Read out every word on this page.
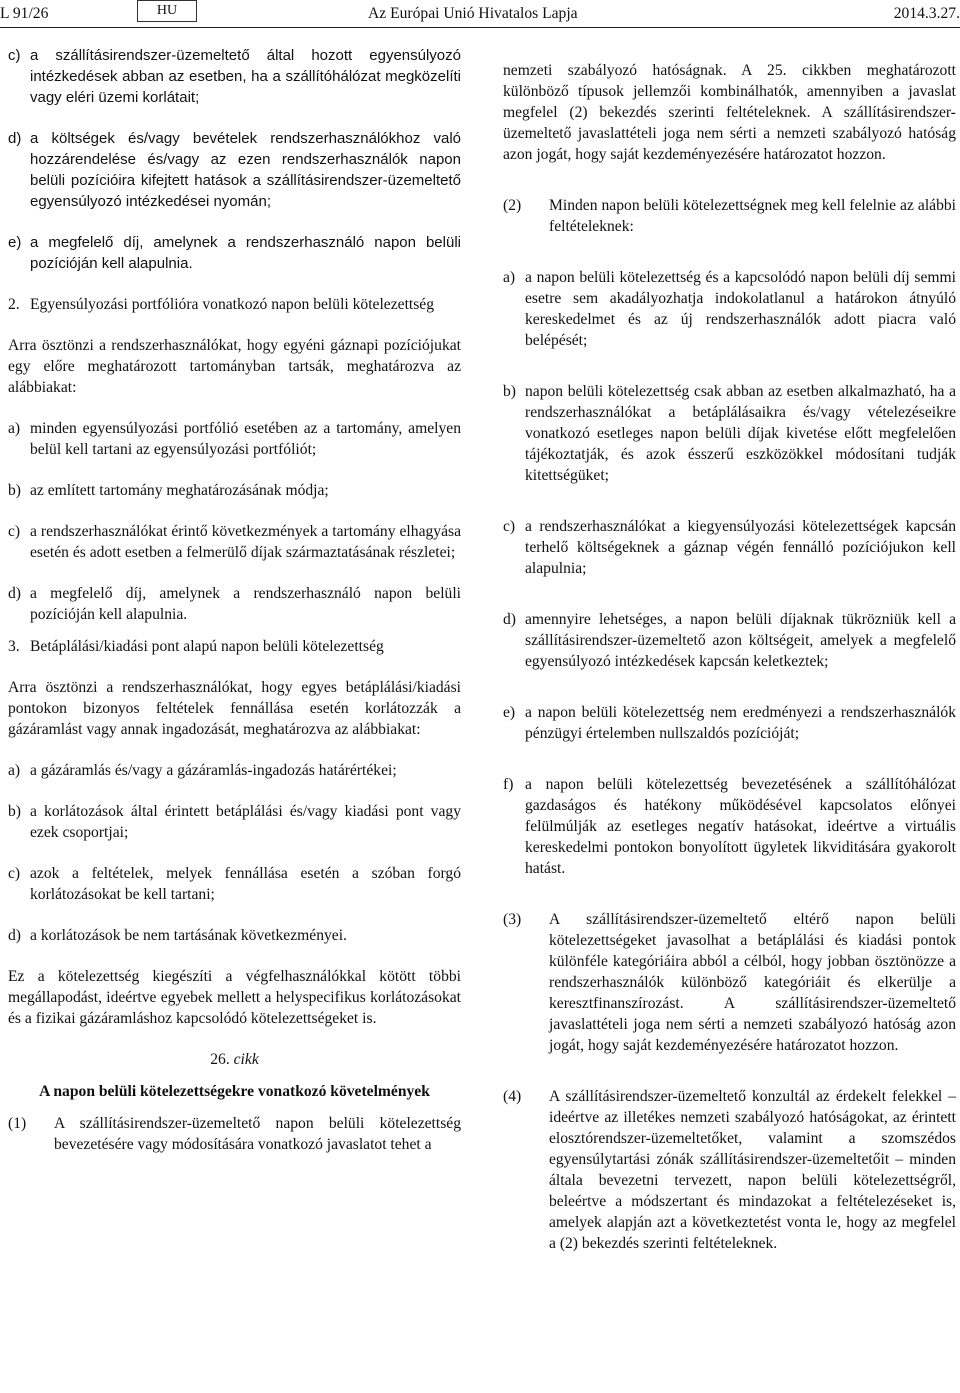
L 91/26	HU	Az Európai Unió Hivatalos Lapja	2014.3.27.
c) a szállításirendszer-üzemeltető által hozott egyensúlyozó intézkedések abban az esetben, ha a szállítóhálózat megközelíti vagy eléri üzemi korlátait;
d) a költségek és/vagy bevételek rendszerhasználókhoz való hozzárendelése és/vagy az ezen rendszerhasználók napon belüli pozícióira kifejtett hatások a szállításirendszer-üzemeltető egyensúlyozó intézkedései nyomán;
e) a megfelelő díj, amelynek a rendszerhasználó napon belüli pozícióján kell alapulnia.
2. Egyensúlyozási portfólióra vonatkozó napon belüli kötelezettség

Arra ösztönzi a rendszerhasználókat, hogy egyéni gáznapi pozíciójukat egy előre meghatározott tartományban tartsák, meghatározva az alábbiakat:

a) minden egyensúlyozási portfólió esetében az a tartomány, amelyen belül kell tartani az egyensúlyozási portfóliót;
b) az említett tartomány meghatározásának módja;
c) a rendszerhasználókat érintő következmények a tartomány elhagyása esetén és adott esetben a felmerülő díjak származtatásának részletei;
d) a megfelelő díj, amelynek a rendszerhasználó napon belüli pozícióján kell alapulnia.
3. Betáplálási/kiadási pont alapú napon belüli kötelezettség

Arra ösztönzi a rendszerhasználókat, hogy egyes betáplálási/kiadási pontokon bizonyos feltételek fennállása esetén korlátozzák a gázáramlást vagy annak ingadozását, meghatározva az alábbiakat:

a) a gázáramlás és/vagy a gázáramlás-ingadozás határértékei;
b) a korlátozások által érintett betáplálási és/vagy kiadási pont vagy ezek csoportjai;
c) azok a feltételek, melyek fennállása esetén a szóban forgó korlátozásokat be kell tartani;
d) a korlátozások be nem tartásának következményei.

Ez a kötelezettség kiegészíti a végfelhasználókkal kötött többi megállapodást, ideértve egyebek mellett a helyspecifikus korlátozásokat és a fizikai gázáramláshoz kapcsolódó kötelezettségeket is.

26. cikk
A napon belüli kötelezettségekre vonatkozó követelmények
(1)	A szállításirendszer-üzemeltető napon belüli kötelezettség bevezetésére vagy módosítására vonatkozó javaslatot tehet a

nemzeti szabályozó hatóságnak. A 25. cikkben meghatározott különböző típusok jellemzői kombinálhatók, amennyiben a javaslat megfelel (2) bekezdés szerinti feltételeknek. A szállításirendszer-üzemeltető javaslattételi joga nem sérti a nemzeti szabályozó hatóság azon jogát, hogy saját kezdeményezésére határozatot hozzon.

(2)	Minden napon belüli kötelezettségnek meg kell felelnie az alábbi feltételeknek:
a) a napon belüli kötelezettség és a kapcsolódó napon belüli díj semmi esetre sem akadályozhatja indokolatlanul a határokon átnyúló kereskedelmet és az új rendszerhasználók adott piacra való belépését;
b) napon belüli kötelezettség csak abban az esetben alkalmazható, ha a rendszerhasználókat a betáplálásaikra és/vagy vételezéseikre vonatkozó esetleges napon belüli díjak kivetése előtt megfelelően tájékoztatják, és azok ésszerű eszközökkel módosítani tudják kitettségüket;
c) a rendszerhasználókat a kiegyensúlyozási kötelezettségek kapcsán terhelő költségeknek a gáznap végén fennálló pozíciójukon kell alapulnia;
d) amennyire lehetséges, a napon belüli díjaknak tükrözniük kell a szállításirendszer-üzemeltető azon költségeit, amelyek a megfelelő egyensúlyozó intézkedések kapcsán keletkeztek;
e) a napon belüli kötelezettség nem eredményezi a rendszerhasználók pénzügyi értelemben nullszaldós pozícióját;
f) a napon belüli kötelezettség bevezetésének a szállítóhálózat gazdaságos és hatékony működésével kapcsolatos előnyei felülmúlják az esetleges negatív hatásokat, ideértve a virtuális kereskedelmi pontokon bonyolított ügyletek likviditására gyakorolt hatást.
(3)	A szállításirendszer-üzemeltető eltérő napon belüli kötelezettségeket javasolhat a betáplálási és kiadási pontok különféle kategóriáira abból a célból, hogy jobban ösztönözze a rendszerhasználók különböző kategóriáit és elkerülje a keresztfinanszírozást. A szállításirendszer-üzemeltető javaslattételi joga nem sérti a nemzeti szabályozó hatóság azon jogát, hogy saját kezdeményezésére határozatot hozzon.
(4)	A szállításirendszer-üzemeltető konzultál az érdekelt felekkel – ideértve az illetékes nemzeti szabályozó hatóságokat, az érintett elosztórendszer-üzemeltetőket, valamint a szomszédos egyensúlytartási zónák szállításirendszer-üzemeltetőit – minden általa bevezetni tervezett, napon belüli kötelezettségről, beleértve a módszertant és mindazokat a feltételezéseket is, amelyek alapján azt a következtetést vonta le, hogy az megfelel a (2) bekezdés szerinti feltételeknek.
